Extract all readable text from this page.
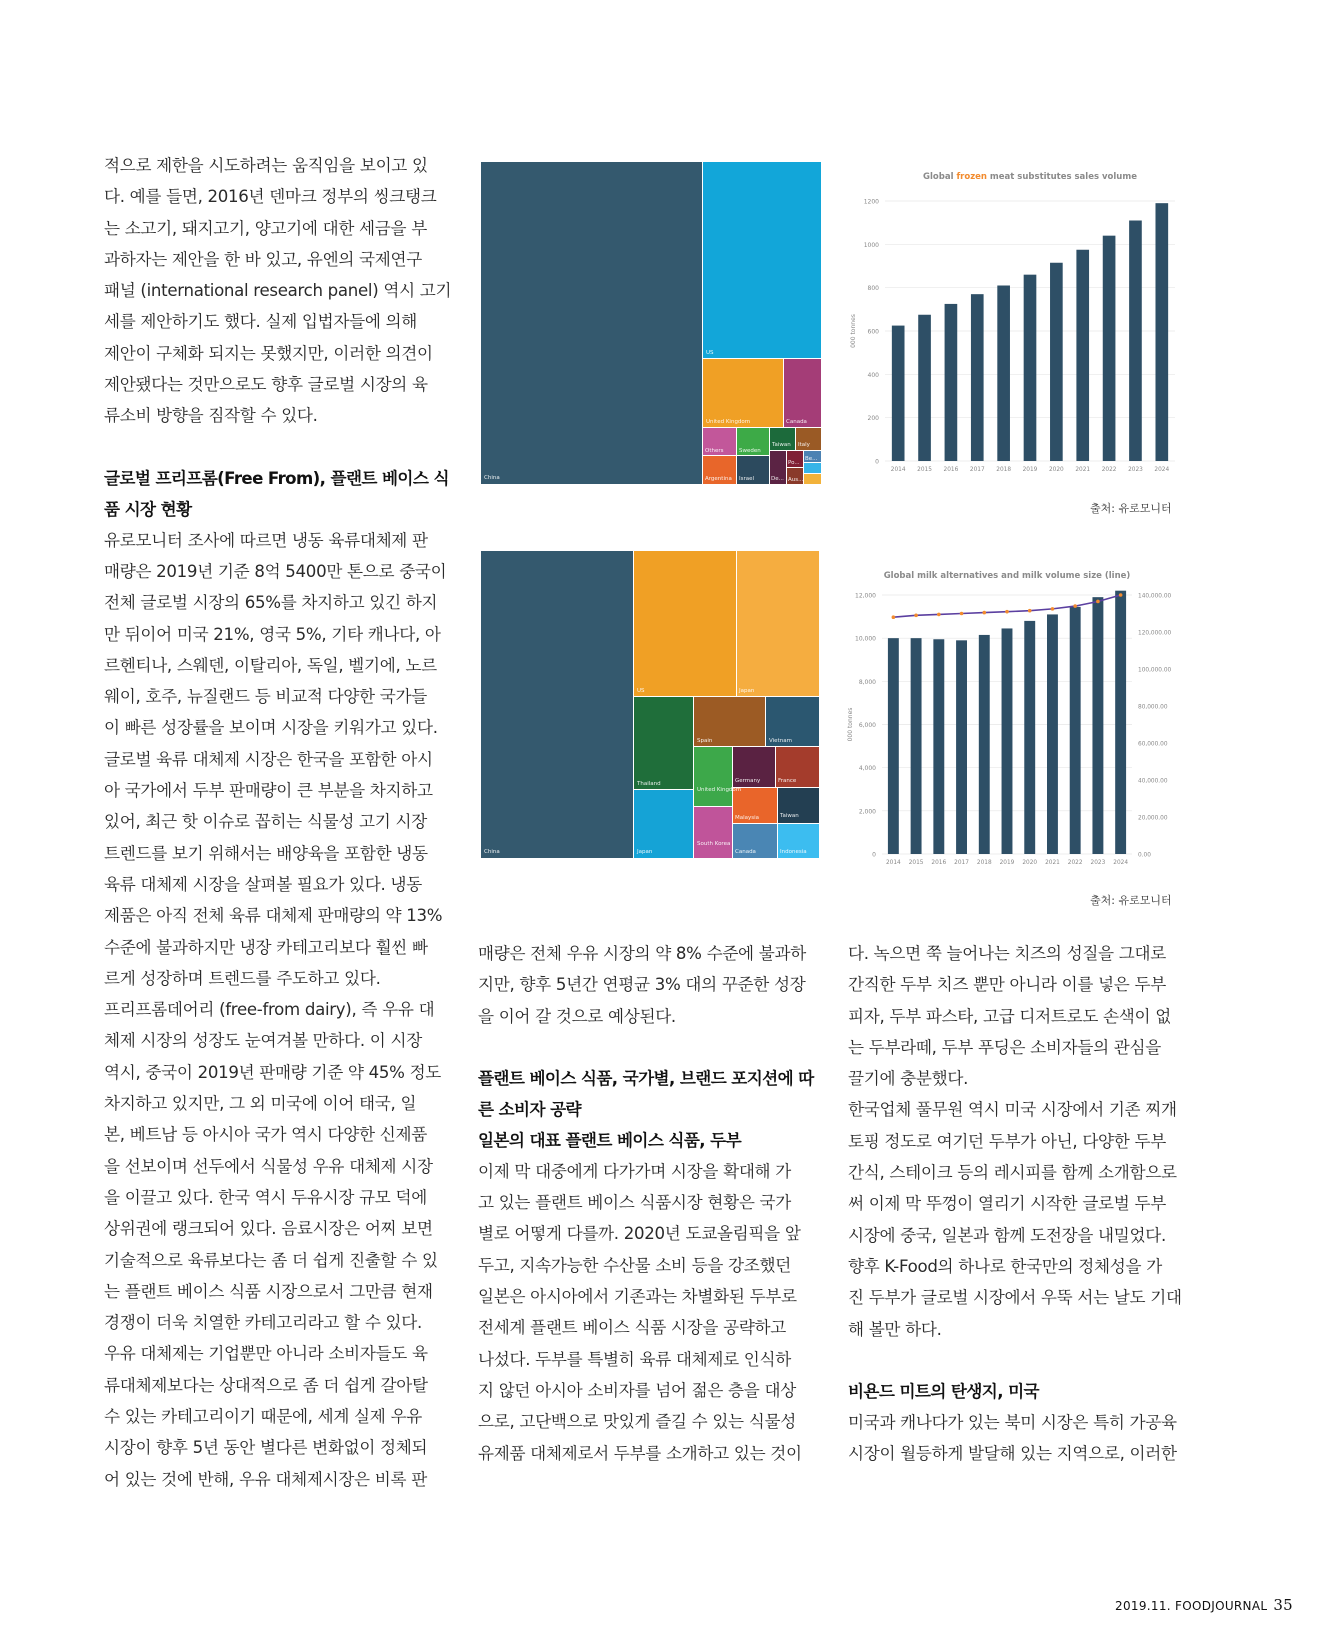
적으로 제한을 시도하려는 움직임을 보이고 있
다. 예를 들면, 2016년 덴마크 정부의 씽크탱크
는 소고기, 돼지고기, 양고기에 대한 세금을 부
과하자는 제안을 한 바 있고, 유엔의 국제연구
패널 (international research panel) 역시 고기
세를 제안하기도 했다. 실제 입법자들에 의해
제안이 구체화 되지는 못했지만, 이러한 의견이
제안됐다는 것만으로도 향후 글로벌 시장의 육
류소비 방향을 짐작할 수 있다.

글로벌 프리프롬(Free From), 플랜트 베이스 식
품 시장 현황

유로모니터 조사에 따르면 냉동 육류대체제 판
매량은 2019년 기준 8억 5400만 톤으로 중국이
전체 글로벌 시장의 65%를 차지하고 있긴 하지
만 뒤이어 미국 21%, 영국 5%, 기타 캐나다, 아
르헨티나, 스웨덴, 이탈리아, 독일, 벨기에, 노르
웨이, 호주, 뉴질랜드 등 비교적 다양한 국가들
이 빠른 성장률을 보이며 시장을 키워가고 있다.
글로벌 육류 대체제 시장은 한국을 포함한 아시
아 국가에서 두부 판매량이 큰 부분을 차지하고
있어, 최근 핫 이슈로 꼽히는 식물성 고기 시장
트렌드를 보기 위해서는 배양육을 포함한 냉동
육류 대체제 시장을 살펴볼 필요가 있다. 냉동
제품은 아직 전체 육류 대체제 판매량의 약 13%
수준에 불과하지만 냉장 카테고리보다 훨씬 빠
르게 성장하며 트렌드를 주도하고 있다.

프리프롬데어리 (free-from dairy), 즉 우유 대
체제 시장의 성장도 눈여겨볼 만하다. 이 시장
역시, 중국이 2019년 판매량 기준 약 45% 정도
차지하고 있지만, 그 외 미국에 이어 태국, 일
본, 베트남 등 아시아 국가 역시 다양한 신제품
을 선보이며 선두에서 식물성 우유 대체제 시장
을 이끌고 있다. 한국 역시 두유시장 규모 덕에
상위권에 랭크되어 있다. 음료시장은 어찌 보면
기술적으로 육류보다는 좀 더 쉽게 진출할 수 있
는 플랜트 베이스 식품 시장으로서 그만큼 현재
경쟁이 더욱 치열한 카테고리라고 할 수 있다.
우유 대체제는 기업뿐만 아니라 소비자들도 육
류대체제보다는 상대적으로 좀 더 쉽게 갈아탈
수 있는 카테고리이기 때문에, 세계 실제 우유
시장이 향후 5년 동안 별다른 변화없이 정체되
어 있는 것에 반해, 우유 대체제시장은 비록 판

매량은 전체 우유 시장의 약 8% 수준에 불과하
지만, 향후 5년간 연평균 3% 대의 꾸준한 성장
을 이어 갈 것으로 예상된다.

플랜트 베이스 식품, 국가별, 브랜드 포지션에 따
른 소비자 공략
일본의 대표 플랜트 베이스 식품, 두부

이제 막 대중에게 다가가며 시장을 확대해 가
고 있는 플랜트 베이스 식품시장 현황은 국가
별로 어떻게 다를까. 2020년 도쿄올림픽을 앞
두고, 지속가능한 수산물 소비 등을 강조했던
일본은 아시아에서 기존과는 차별화된 두부로
전세계 플랜트 베이스 식품 시장을 공략하고
나섰다. 두부를 특별히 육류 대체제로 인식하
지 않던 아시아 소비자를 넘어 젊은 층을 대상
으로, 고단백으로 맛있게 즐길 수 있는 식물성
유제품 대체제로서 두부를 소개하고 있는 것이

다. 녹으면 쭉 늘어나는 치즈의 성질을 그대로
간직한 두부 치즈 뿐만 아니라 이를 넣은 두부
피자, 두부 파스타, 고급 디저트로도 손색이 없
는 두부라떼, 두부 푸딩은 소비자들의 관심을
끌기에 충분했다.
한국업체 풀무원 역시 미국 시장에서 기존 찌개
토핑 정도로 여기던 두부가 아닌, 다양한 두부
간식, 스테이크 등의 레시피를 함께 소개함으로
써 이제 막 뚜껑이 열리기 시작한 글로벌 두부
시장에 중국, 일본과 함께 도전장을 내밀었다.
향후 K-Food의 하나로 한국만의 정체성을 가
진 두부가 글로벌 시장에서 우뚝 서는 날도 기대
해 볼만 하다.

비욘드 미트의 탄생지, 미국

미국과 캐나다가 있는 북미 시장은 특히 가공육
시장이 월등하게 발달해 있는 지역으로, 이러한

China
US
United Kingdom	Canada
Others	Sweden
Taiwan Italy
Argentina Israel	De...
Po...
Aus...
Be...
China
US	Japan
Thailand
Japan
Spain	Vietnam
United Kingdom
Germany	France
Malaysia	Taiwan
South Korea
Canada	Indonesia
Global frozen meat substitutes sales volume
0
200
400
600
800
1000
1200
000 tonnes
2014 2015 2016 2017 2018 2019 2020 2021 2022 2023 2024
출처: 유로모니터
Global milk alternatives and milk volume size (line)
0
2,000
4,000
6,000
8,000
10,000
12,000
000 tonnes
2014 2015 2016 2017 2018 2019 2020 2021 2022 2023 2024
0.00
20,000.00
40,000.00
60,000.00
80,000.00
100,000.00
120,000.00
140,000.00
출처: 유로모니터
2019.11. FOODJOURNAL 35
